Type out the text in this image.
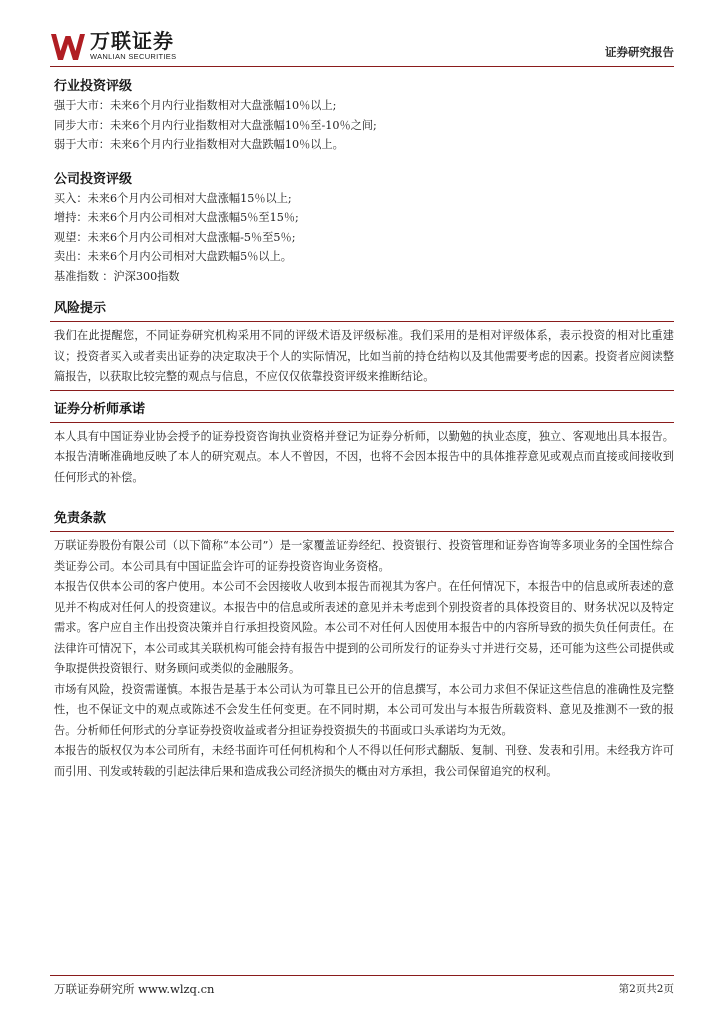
万联证券
WANLIAN SECURITIES	证券研究报告

行业投资评级

强于大市：未来6个月内行业指数相对大盘涨幅10％以上;

同步大市：未来6个月内行业指数相对大盘涨幅10％至-10％之间;

弱于大市：未来6个月内行业指数相对大盘跌幅10％以上。

公司投资评级

买入：未来6个月内公司相对大盘涨幅15％以上;

增持：未来6个月内公司相对大盘涨幅5％至15％;

观望：未来6个月内公司相对大盘涨幅-5％至5％;

卖出：未来6个月内公司相对大盘跌幅5％以上。

基准指数 ：沪深300指数

风险提示

我们在此提醒您，不同证券研究机构采用不同的评级术语及评级标准。我们采用的是相对评级体系，表示投资的相对比重建议；投资者买入或者卖出证券的决定取决于个人的实际情况，比如当前的持仓结构以及其他需要考虑的因素。投资者应阅读整篇报告，以获取比较完整的观点与信息，不应仅仅依靠投资评级来推断结论。

证券分析师承诺

本人具有中国证券业协会授予的证券投资咨询执业资格并登记为证券分析师，以勤勉的执业态度，独立、客观地出具本报告。本报告清晰准确地反映了本人的研究观点。本人不曾因，不因，也将不会因本报告中的具体推荐意见或观点而直接或间接收到任何形式的补偿。

免责条款

万联证券股份有限公司（以下简称“本公司”）是一家覆盖证券经纪、投资银行、投资管理和证券咨询等多项业务的全国性综合类证券公司。本公司具有中国证监会许可的证券投资咨询业务资格。

本报告仅供本公司的客户使用。本公司不会因接收人收到本报告而视其为客户。在任何情况下，本报告中的信息或所表述的意见并不构成对任何人的投资建议。本报告中的信息或所表述的意见并未考虑到个别投资者的具体投资目的、财务状况以及特定需求。客户应自主作出投资决策并自行承担投资风险。本公司不对任何人因使用本报告中的内容所导致的损失负任何责任。在法律许可情况下，本公司或其关联机构可能会持有报告中提到的公司所发行的证券头寸并进行交易，还可能为这些公司提供或争取提供投资银行、财务顾问或类似的金融服务。

市场有风险，投资需谨慎。本报告是基于本公司认为可靠且已公开的信息撰写，本公司力求但不保证这些信息的准确性及完整性，也不保证文中的观点或陈述不会发生任何变更。在不同时期，本公司可发出与本报告所载资料、意见及推测不一致的报告。分析师任何形式的分享证券投资收益或者分担证券投资损失的书面或口头承诺均为无效。

本报告的版权仅为本公司所有，未经书面许可任何机构和个人不得以任何形式翻版、复制、刊登、发表和引用。未经我方许可而引用、刊发或转载的引起法律后果和造成我公司经济损失的概由对方承担，我公司保留追究的权利。

万联证券研究所 www.wlzq.cn	第2页共2页
